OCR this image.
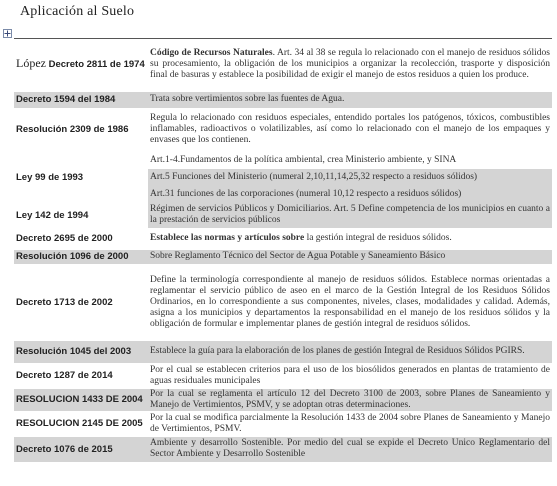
Aplicación al Suelo
López Decreto 2811 de 1974	Código de Recursos Naturales. Art. 34 al 38 se regula lo relacionado con el manejo de residuos sólidos su procesamiento, la obligación de los municipios a organizar la recolección, trasporte y disposición final de basuras y establece la posibilidad de exigir el manejo de estos residuos a quien los produce.
Decreto 1594 del 1984	Trata sobre vertimientos sobre las fuentes de Agua.
Resolución 2309 de 1986	Regula lo relacionado con residuos especiales, entendido portales los patógenos, tóxicos, combustibles inflamables, radioactivos o volatilizables, así como lo relacionado con el manejo de los empaques y envases que los contienen.
Ley 99 de 1993	Art.1-4.Fundamentos de la política ambiental, crea Ministerio ambiente, y SINA
	Art.5 Funciones del Ministerio (numeral 2,10,11,14,25,32 respecto a residuos sólidos)
	Art.31 funciones de las corporaciones (numeral 10,12 respecto a residuos sólidos)
Ley 142 de 1994	Régimen de servicios Públicos y Domiciliarios. Art. 5 Define competencia de los municipios en cuanto a la prestación de servicios públicos
Decreto 2695 de 2000	Establece las normas y artículos sobre la gestión integral de residuos sólidos.
Resolución 1096 de 2000	Sobre Reglamento Técnico del Sector de Agua Potable y Saneamiento Básico
Decreto 1713 de 2002	Define la terminología correspondiente al manejo de residuos sólidos. Establece normas orientadas a reglamentar el servicio público de aseo en el marco de la Gestión Integral de los Residuos Sólidos Ordinarios, en lo correspondiente a sus componentes, niveles, clases, modalidades y calidad. Además, asigna a los municipios y departamentos la responsabilidad en el manejo de los residuos sólidos y la obligación de formular e implementar planes de gestión integral de residuos sólidos.
Resolución 1045 del 2003	Establece la guía para la elaboración de los planes de gestión Integral de Residuos Sólidos PGIRS.
Decreto 1287 de 2014	Por el cual se establecen criterios para el uso de los biosólidos generados en plantas de tratamiento de aguas residuales municipales
RESOLUCION 1433 DE 2004	Por la cual se reglamenta el artículo 12 del Decreto 3100 de 2003, sobre Planes de Saneamiento y Manejo de Vertimientos, PSMV, y se adoptan otras determinaciones.
RESOLUCION 2145 DE 2005	Por la cual se modifica parcialmente la Resolución 1433 de 2004 sobre Planes de Saneamiento y Manejo de Vertimientos, PSMV.
Decreto 1076 de 2015	Ambiente y desarrollo Sostenible. Por medio del cual se expide el Decreto Unico Reglamentario del Sector Ambiente y Desarrollo Sostenible
